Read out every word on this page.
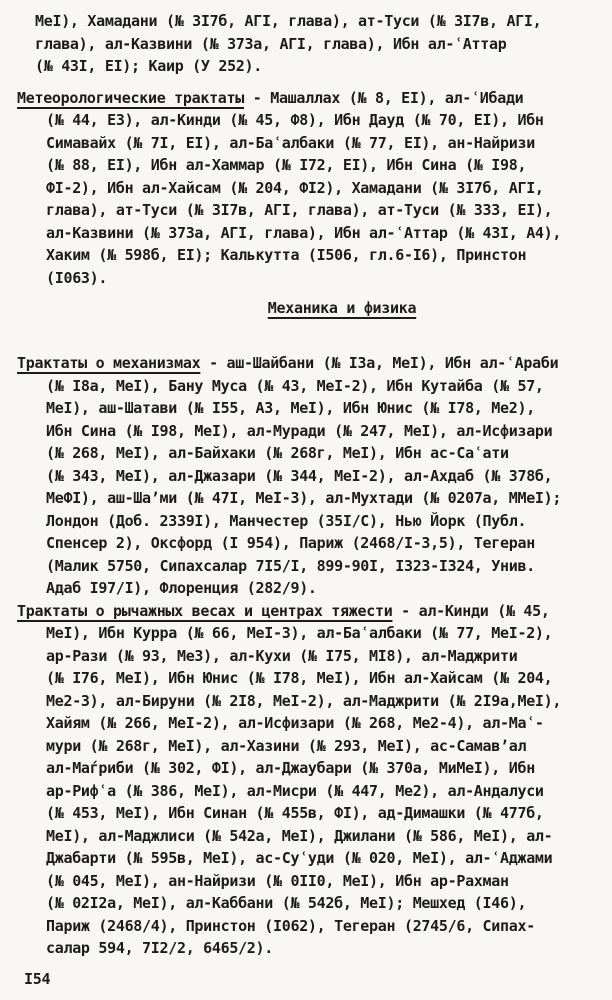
МеI), Хамадани (№ 3I7б, АГI, глава), ат-Туси (№ 3I7в, АГI,
глава), ал-Казвини (№ 373а, АГI, глава), Ибн ал-ʿАттар
(№ 43I, ЕI); Каир (У 252).
Метеорологические трактаты - Машаллах (№ 8, ЕI), ал-ʿИбади
(№ 44, Е3), ал-Кинди (№ 45, Ф8), Ибн Дауд (№ 70, ЕI), Ибн
Симавайх (№ 7I, ЕI), ал-Баʿалбаки (№ 77, ЕI), ан-Найризи
(№ 88, ЕI), Ибн ал-Хаммар (№ I72, ЕI), Ибн Сина (№ I98,
ФI-2), Ибн ал-Хайсам (№ 204, ФI2), Хамадани (№ 3I7б, АГI,
глава), ат-Туси (№ 3I7в, АГI, глава), ат-Туси (№ 333, ЕI),
ал-Казвини (№ 373а, АГI, глава), Ибн ал-ʿАттар (№ 43I, А4),
Хаким (№ 598б, ЕI); Калькутта (I506, гл.6-I6), Принстон
(I063).
Механика и физика
Трактаты о механизмах - аш-Шайбани (№ I3а, МеI), Ибн ал-ʿАраби
(№ I8а, МеI), Бану Муса (№ 43, МеI-2), Ибн Кутайба (№ 57,
МеI), аш-Шатави (№ I55, А3, МеI), Ибн Юнис (№ I78, Ме2),
Ибн Сина (№ I98, МеI), ал-Муради (№ 247, МеI), ал-Исфизари
(№ 268, МеI), ал-Байхаки (№ 268г, МеI), Ибн ас-Саʿати
(№ 343, МеI), ал-Джазари (№ 344, МеI-2), ал-Ахдаб (№ 378б,
МеФI), аш-Шаʼми (№ 47I, МеI-3), ал-Мухтади (№ 0207а, ММеI);
Лондон (Доб. 2339I), Манчестер (35I/С), Нью Йорк (Публ.
Спенсер 2), Оксфорд (I 954), Париж (2468/I-3,5), Тегеран
(Малик 5750, Сипахсалар 7I5/I, 899-90I, I323-I324, Унив.
Адаб I97/I), Флоренция (282/9).
Трактаты о рычажных весах и центрах тяжести - ал-Кинди (№ 45,
МеI), Ибн Курра (№ 66, МеI-3), ал-Баʿалбаки (№ 77, МеI-2),
ар-Рази (№ 93, Ме3), ал-Кухи (№ I75, МI8), ал-Маджрити
(№ I76, МеI), Ибн Юнис (№ I78, МеI), Ибн ал-Хайсам (№ 204,
Ме2-3), ал-Бируни (№ 2I8, МеI-2), ал-Маджрити (№ 2I9а,МеI),
Хайям (№ 266, МеI-2), ал-Исфизари (№ 268, Ме2-4), ал-Маʿ-
мури (№ 268г, МеI), ал-Хазини (№ 293, МеI), ас-Самавʼал
ал-Маѓриби (№ 302, ФI), ал-Джаубари (№ 370а, МиМеI), Ибн
ар-Рифʿа (№ 386, МеI), ал-Мисри (№ 447, Ме2), ал-Андалуси
(№ 453, МеI), Ибн Синан (№ 455в, ФI), ад-Димашки (№ 477б,
МеI), ал-Маджлиси (№ 542а, МеI), Джилани (№ 586, МеI), ал-
Джабарти (№ 595в, МеI), ас-Суʿуди (№ 020, МеI), ал-ʿАджами
(№ 045, МеI), ан-Найризи (№ 0II0, МеI), Ибн ар-Рахман
(№ 02I2а, МеI), ал-Каббани (№ 542б, МеI); Мешхед (I46),
Париж (2468/4), Принстон (I062), Тегеран (2745/6, Сипах-
салар 594, 7I2/2, 6465/2).
I54
